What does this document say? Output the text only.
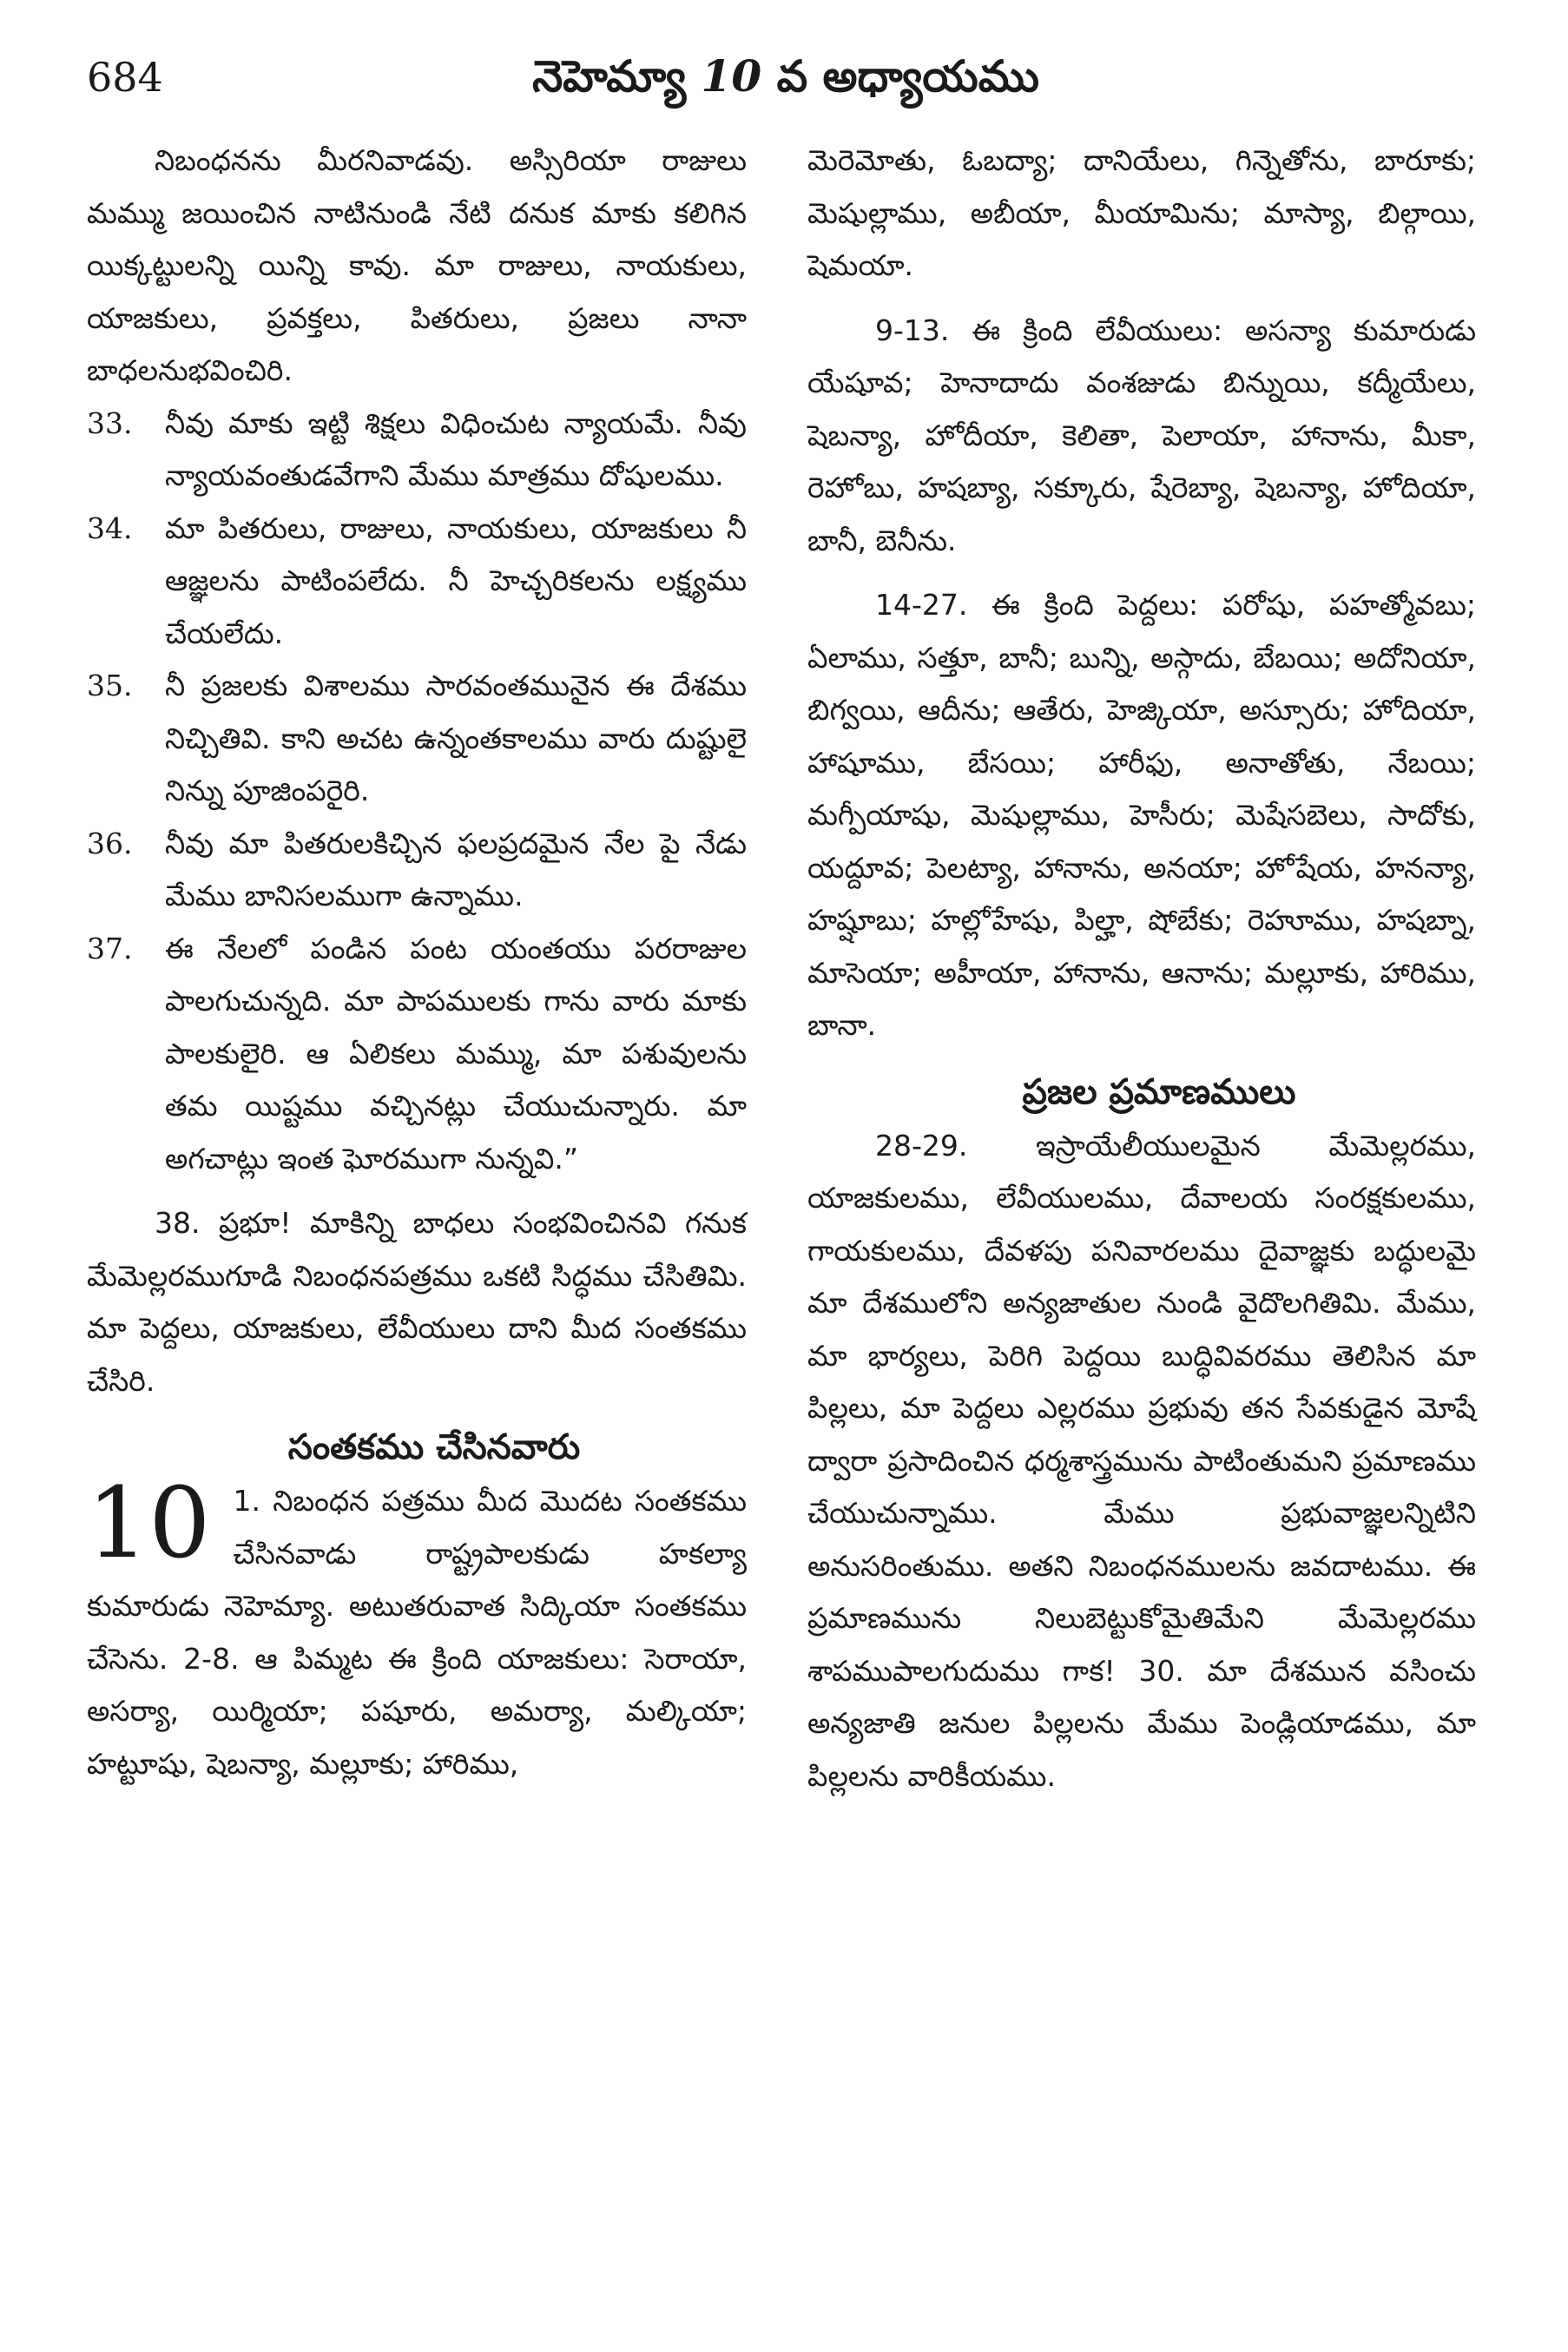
684	నెహెమ్యా 10 వ అధ్యాయము

నిబంధనను మీరనివాడవు. అస్సిరియా రాజులు మమ్ము జయించిన నాటినుండి నేటి దనుక మాకు కలిగిన యిక్కట్టులన్ని యిన్ని కావు. మా రాజులు, నాయకులు, యాజకులు, ప్రవక్తలు, పితరులు, ప్రజలు నానా బాధలనుభవించిరి.

33.	నీవు మాకు ఇట్టి శిక్షలు విధించుట న్యాయమే. నీవు న్యాయవంతుడవేగాని మేము మాత్రము దోషులము.
34.	మా పితరులు, రాజులు, నాయకులు, యాజకులు నీ ఆజ్ఞలను పాటింపలేదు. నీ హెచ్చరికలను లక్ష్యము చేయలేదు.
35.	నీ ప్రజలకు విశాలము సారవంతమునైన ఈ దేశము నిచ్చితివి. కాని అచట ఉన్నంతకాలము వారు దుష్టులై నిన్ను పూజింపరైరి.
36.	నీవు మా పితరులకిచ్చిన ఫలప్రదమైన నేల పై నేడు మేము బానిసలముగా ఉన్నాము.
37.	ఈ నేలలో పండిన పంట యంతయు పరరాజుల పాలగుచున్నది. మా పాపములకు గాను వారు మాకు పాలకులైరి. ఆ ఏలికలు మమ్ము, మా పశువులను తమ యిష్టము వచ్చినట్లు చేయుచున్నారు. మా అగచాట్లు ఇంత ఘోరముగా నున్నవి.”

38. ప్రభూ! మాకిన్ని బాధలు సంభవించినవి గనుక మేమెల్లరముగూడి నిబంధనపత్రము ఒకటి సిద్ధము చేసితిమి. మా పెద్దలు, యాజకులు, లేవీయులు దాని మీద సంతకము చేసిరి.

సంతకము చేసినవారు
10 1. నిబంధన పత్రము మీద మొదట సంతకము చేసినవాడు రాష్ట్రపాలకుడు హకల్యా కుమారుడు నెహెమ్యా. అటుతరువాత సిద్కియా సంతకము చేసెను. 2-8. ఆ పిమ్మట ఈ క్రింది యాజకులు: సెరాయా, అసర్యా, యిర్మియా; పషూరు, అమర్యా, మల్కియా; హట్టూషు, షెబన్యా, మల్లూకు; హారిము,

మెరెమోతు, ఓబద్యా; దానియేలు, గిన్నెతోను, బారూకు; మెషుల్లాము, అబీయా, మీయామిను; మాస్యా, బిల్గాయి, షెమయా.

9-13. ఈ క్రింది లేవీయులు: అసన్యా కుమారుడు యేషూవ; హెనాదాదు వంశజుడు బిన్నుయి, కద్మీయేలు, షెబన్యా, హోదీయా, కెలితా, పెలాయా, హానాను, మీకా, రెహోబు, హషబ్యా, సక్కూరు, షేరెబ్యా, షెబన్యా, హోదియా, బానీ, బెనీను.

14-27. ఈ క్రింది పెద్దలు: పరోషు, పహత్మోవబు; ఏలాము, సత్తూ, బానీ; బున్ని, అస్గాదు, బేబయి; అదోనియా, బిగ్వయి, ఆదీను; ఆతేరు, హెజ్కియా, అస్సూరు; హోదియా, హాషూము, బేసయి; హారీఫు, అనాతోతు, నేబయి; మగ్పీయాషు, మెషుల్లాము, హెసీరు; మెషేసబెలు, సాదోకు, యద్దూవ; పెలట్యా, హానాను, అనయా; హోషేయ, హనన్యా, హష్షూబు; హల్లోహేషు, పిల్హా, షోబేకు; రెహూము, హషబ్నా, మాసెయా; అహీయా, హానాను, ఆనాను; మల్లూకు, హారిము, బానా.

ప్రజల ప్రమాణములు

28-29. ఇస్రాయేలీయులమైన మేమెల్లరము, యాజకులము, లేవీయులము, దేవాలయ సంరక్షకులము, గాయకులము, దేవళపు పనివారలము దైవాజ్ఞకు బద్ధులమై మా దేశములోని అన్యజాతుల నుండి వైదొలగితిమి. మేము, మా భార్యలు, పెరిగి పెద్దయి బుద్ధివివరము తెలిసిన మా పిల్లలు, మా పెద్దలు ఎల్లరము ప్రభువు తన సేవకుడైన మోషే ద్వారా ప్రసాదించిన ధర్మశాస్త్రమును పాటింతుమని ప్రమాణము చేయుచున్నాము. మేము ప్రభువాజ్ఞలన్నిటిని అనుసరింతుము. అతని నిబంధనములను జవదాటము. ఈ ప్రమాణమును నిలుబెట్టుకోమైతిమేని మేమెల్లరము శాపముపాలగుదుము గాక! 30. మా దేశమున వసించు అన్యజాతి జనుల పిల్లలను మేము పెండ్లియాడము, మా పిల్లలను వారికీయము.
